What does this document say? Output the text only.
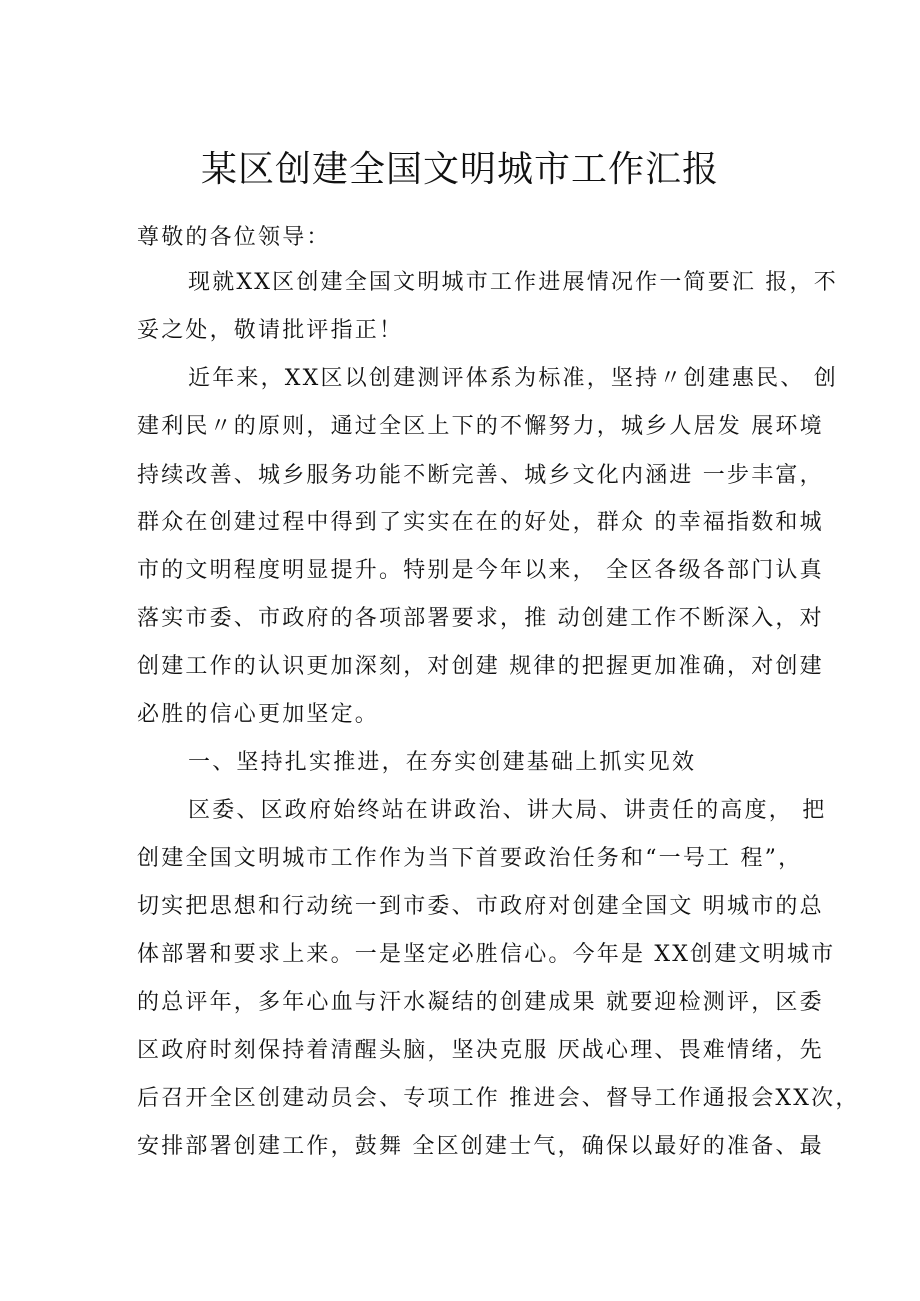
某区创建全国文明城市工作汇报

尊敬的各位领导：

现就XX区创建全国文明城市工作进展情况作一简要汇 报，不

妥之处，敬请批评指正！

近年来，XX区以创建测评体系为标准，坚持〃创建惠民、 创

建利民〃的原则，通过全区上下的不懈努力，城乡人居发 展环境

持续改善、城乡服务功能不断完善、城乡文化内涵进 一步丰富，

群众在创建过程中得到了实实在在的好处，群众 的幸福指数和城

市的文明程度明显提升。特别是今年以来， 全区各级各部门认真

落实市委、市政府的各项部署要求，推 动创建工作不断深入，对

创建工作的认识更加深刻，对创建 规律的把握更加准确，对创建

必胜的信心更加坚定。

一、坚持扎实推进，在夯实创建基础上抓实见效

区委、区政府始终站在讲政治、讲大局、讲责任的高度， 把

创建全国文明城市工作作为当下首要政治任务和“一号工 程”，

切实把思想和行动统一到市委、市政府对创建全国文 明城市的总

体部署和要求上来。一是坚定必胜信心。今年是 XX创建文明城市

的总评年，多年心血与汗水凝结的创建成果 就要迎检测评，区委

区政府时刻保持着清醒头脑，坚决克服 厌战心理、畏难情绪，先

后召开全区创建动员会、专项工作 推进会、督导工作通报会XX次，

安排部署创建工作，鼓舞 全区创建士气，确保以最好的准备、最
